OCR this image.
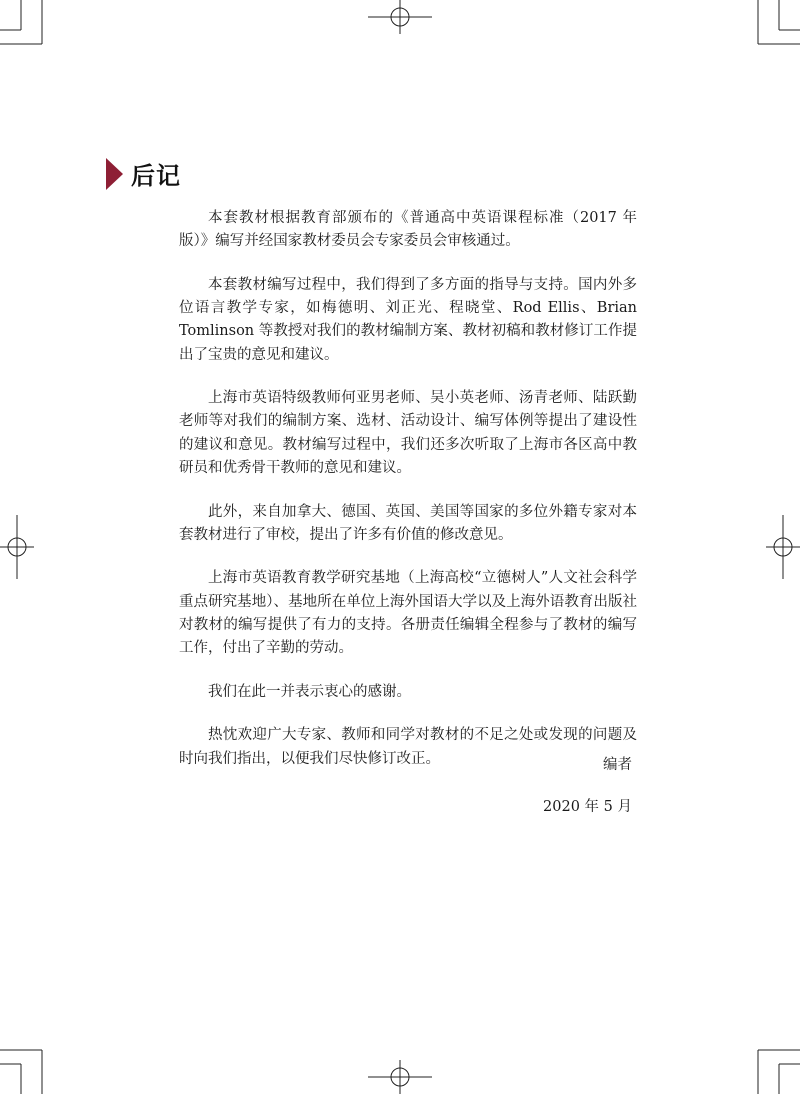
后记

本套教材根据教育部颁布的《普通高中英语课程标准（2017 年版）》编写并经国家教材委员会专家委员会审核通过。

本套教材编写过程中，我们得到了多方面的指导与支持。国内外多位语言教学专家，如梅德明、刘正光、程晓堂、Rod Ellis、Brian Tomlinson 等教授对我们的教材编制方案、教材初稿和教材修订工作提出了宝贵的意见和建议。

上海市英语特级教师何亚男老师、吴小英老师、汤青老师、陆跃勤老师等对我们的编制方案、选材、活动设计、编写体例等提出了建设性的建议和意见。教材编写过程中，我们还多次听取了上海市各区高中教研员和优秀骨干教师的意见和建议。

此外，来自加拿大、德国、英国、美国等国家的多位外籍专家对本套教材进行了审校，提出了许多有价值的修改意见。

上海市英语教育教学研究基地（上海高校“立德树人”人文社会科学重点研究基地）、基地所在单位上海外国语大学以及上海外语教育出版社对教材的编写提供了有力的支持。各册责任编辑全程参与了教材的编写工作，付出了辛勤的劳动。

我们在此一并表示衷心的感谢。

热忱欢迎广大专家、教师和同学对教材的不足之处或发现的问题及时向我们指出，以便我们尽快修订改正。	编者
2020 年 5 月
